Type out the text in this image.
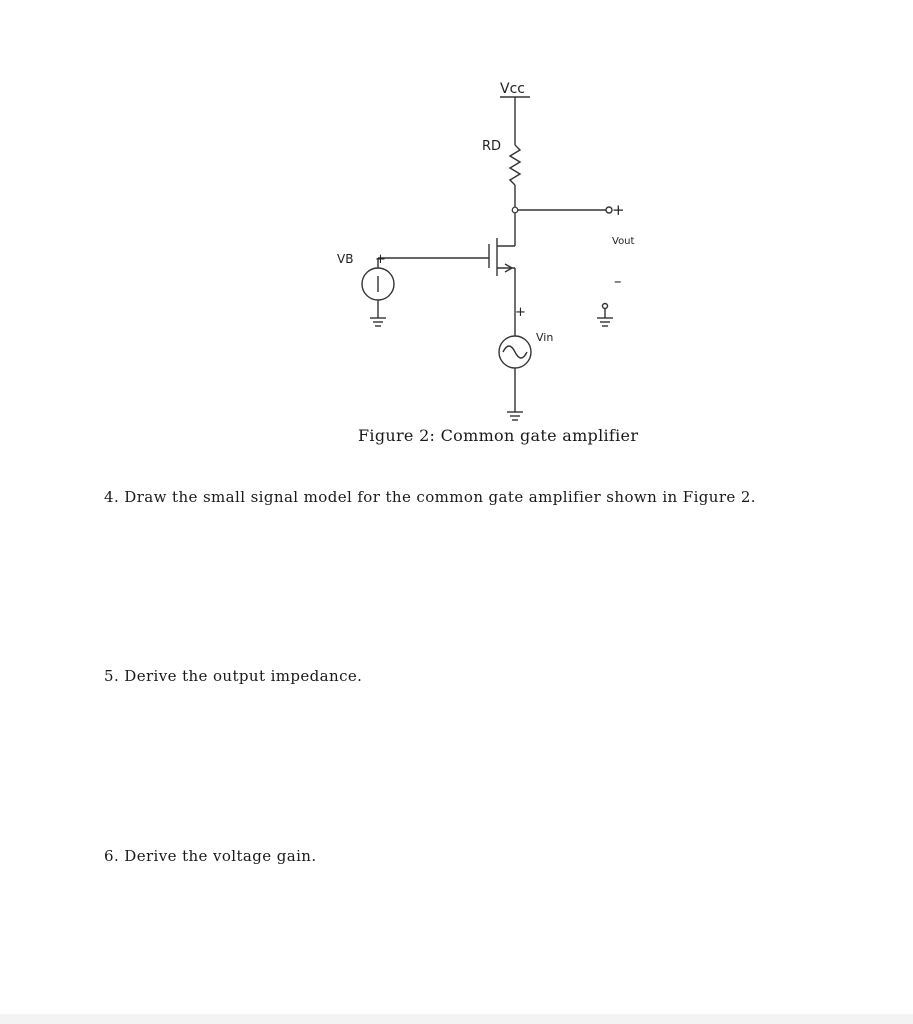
Vcc
RD
+
Vout
–
VB +
+
Vin
Figure 2: Common gate amplifier
4. Draw the small signal model for the common gate amplifier shown in Figure 2.
5. Derive the output impedance.
6. Derive the voltage gain.
